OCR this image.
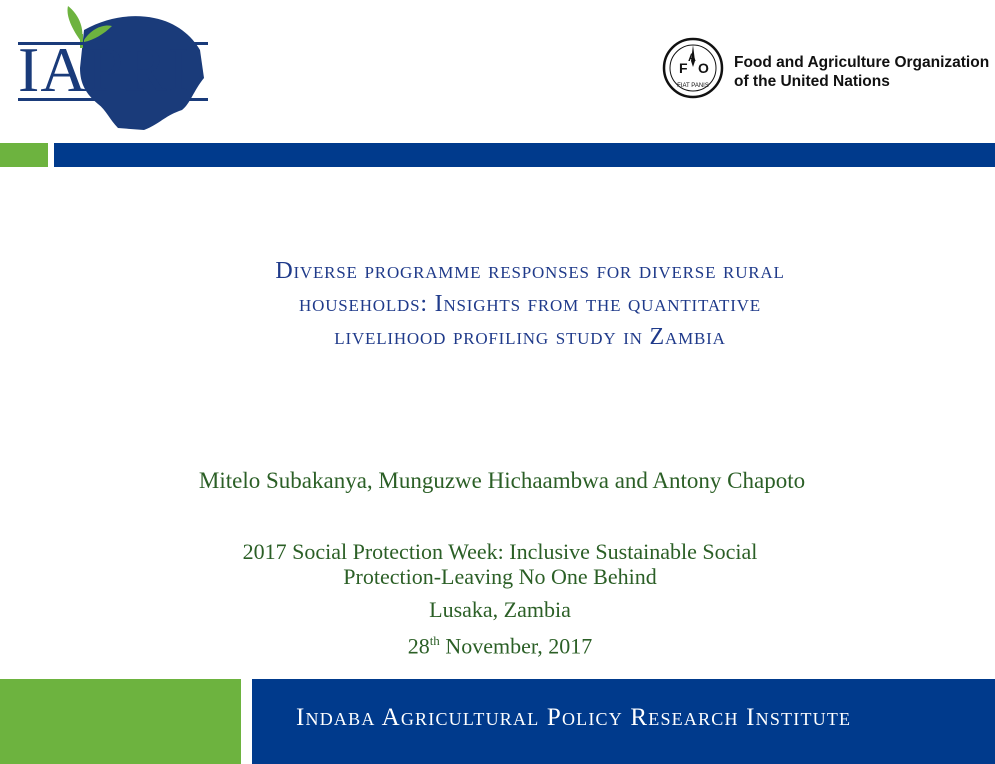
IAPRI	F
A
O
FIAT PANIS
Food and Agriculture Organization
of the United Nations
Diverse programme responses for diverse rural
households: Insights from the quantitative
livelihood profiling study in Zambia
Mitelo Subakanya, Munguzwe Hichaambwa and Antony Chapoto
2017 Social Protection Week: Inclusive Sustainable Social
Protection-Leaving No One Behind
Lusaka, Zambia
28th November, 2017
Indaba Agricultural Policy Research Institute
